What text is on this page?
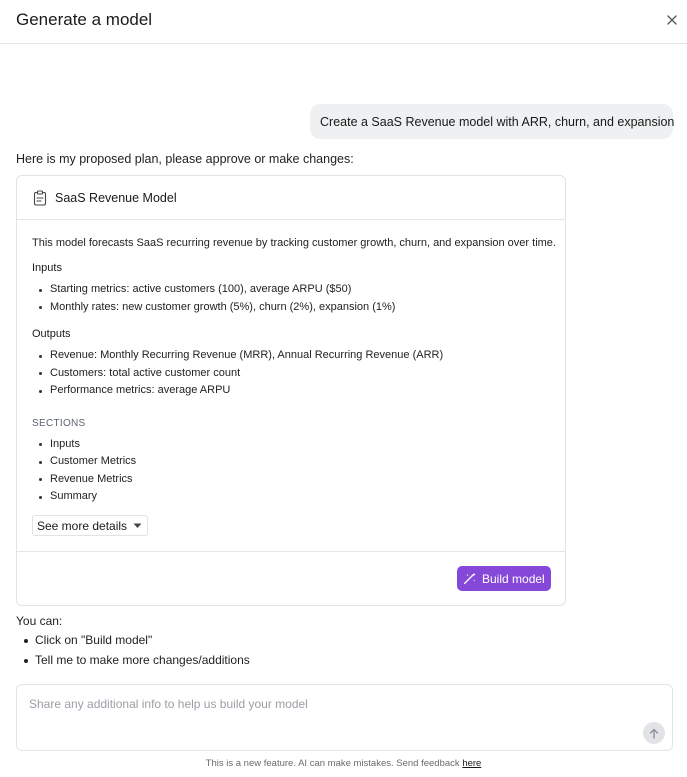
Generate a model
Create a SaaS Revenue model with ARR, churn, and expansion
Here is my proposed plan, please approve or make changes:
SaaS Revenue Model
This model forecasts SaaS recurring revenue by tracking customer growth, churn, and expansion over time.
Inputs
Starting metrics: active customers (100), average ARPU ($50)
Monthly rates: new customer growth (5%), churn (2%), expansion (1%)
Outputs
Revenue: Monthly Recurring Revenue (MRR), Annual Recurring Revenue (ARR)
Customers: total active customer count
Performance metrics: average ARPU
SECTIONS
Inputs
Customer Metrics
Revenue Metrics
Summary
See more details
Build model
You can:
Click on "Build model"
Tell me to make more changes/additions
Share any additional info to help us build your model
This is a new feature. AI can make mistakes. Send feedback here
